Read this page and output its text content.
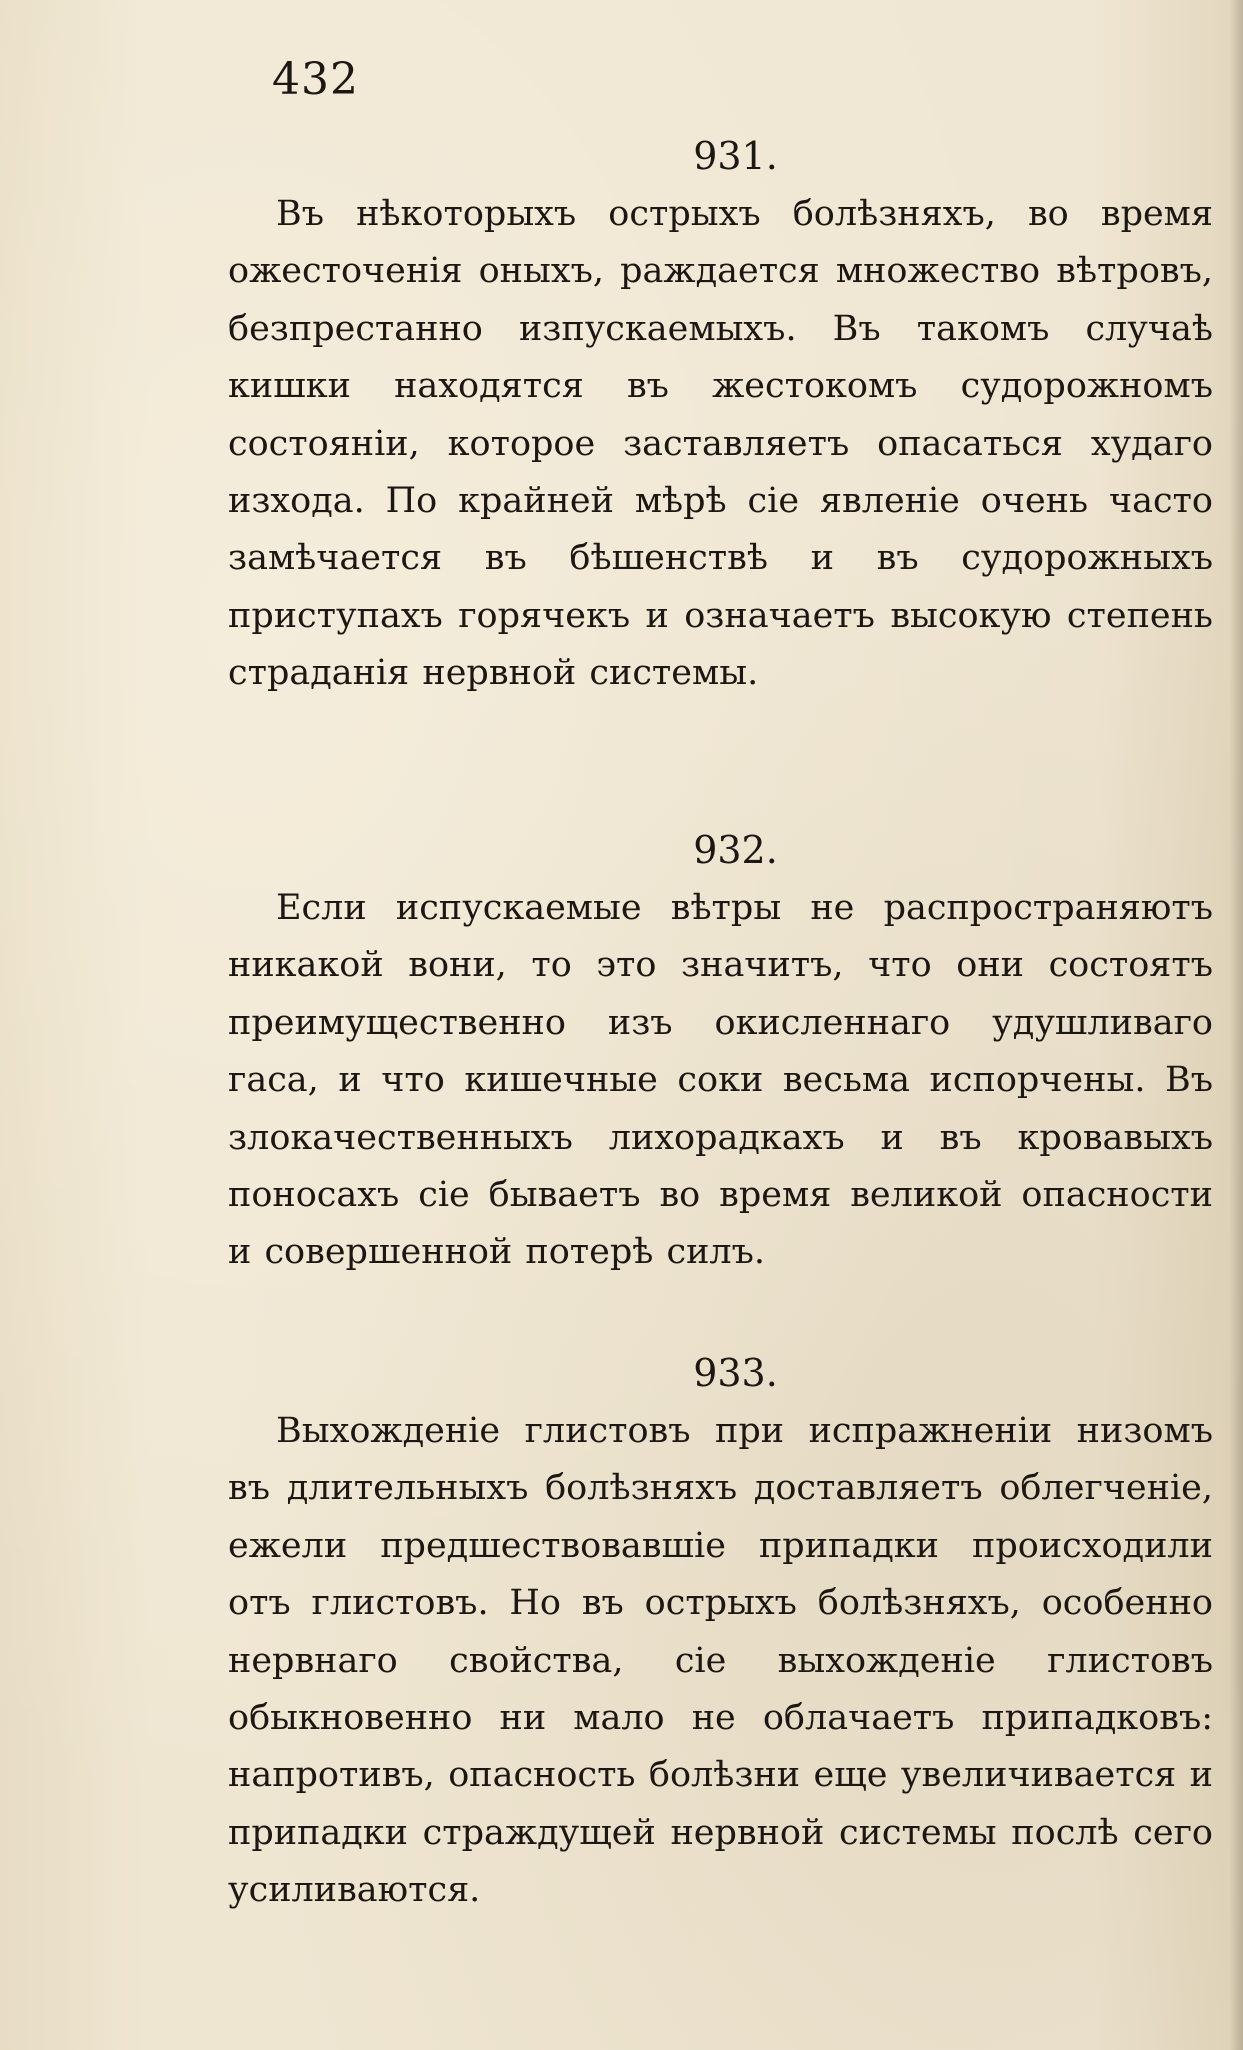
432
931.

Въ нѣкоторыхъ острыхъ болѣзняхъ, во время ожесточенія оныхъ, раждается множество вѣтровъ, безпрестанно изпускаемыхъ. Въ такомъ случаѣ кишки находятся въ жестокомъ судорожномъ состояніи, которое заставляетъ опасаться худаго изхода. По крайней мѣрѣ сіе явленіе очень часто замѣчается въ бѣшенствѣ и въ судорожныхъ приступахъ горячекъ и означаетъ высокую степень страданія нервной системы.

932.

Если испускаемые вѣтры не распространяютъ никакой вони, то это значитъ, что они состоятъ преимущественно изъ окисленнаго удушливаго гаса, и что кишечные соки весьма испорчены. Въ злокачественныхъ лихорадкахъ и въ кровавыхъ поносахъ сіе бываетъ во время великой опасности и совершенной потерѣ силъ.

933.

Выхожденіе глистовъ при испражненіи низомъ въ длительныхъ болѣзняхъ доставляетъ облегченіе, ежели предшествовавшіе припадки происходили отъ глистовъ. Но въ острыхъ болѣзняхъ, особенно нервнаго свойства, сіе выхожденіе глистовъ обыкновенно ни мало не облачаетъ припадковъ: напротивъ, опасность болѣзни еще увеличивается и припадки страждущей нервной системы послѣ сего усиливаются.
